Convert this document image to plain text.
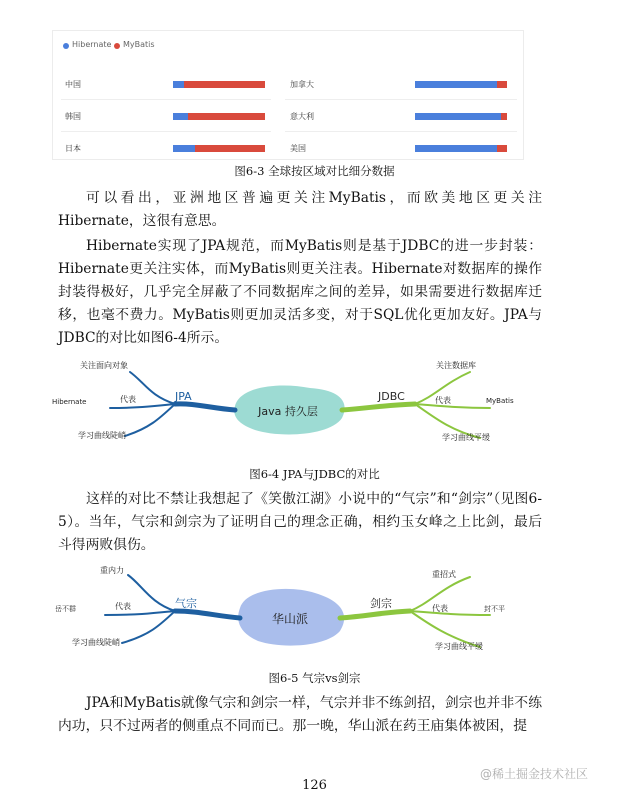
Hibernate MyBatis
中国
韩国
日本
加拿大
意大利
美国
图6-3 全球按区域对比细分数据

可以看出，亚洲地区普遍更关注MyBatis，而欧美地区更关注Hibernate，这很有意思。

Hibernate实现了JPA规范，而MyBatis则是基于JDBC的进一步封装：Hibernate更关注实体，而MyBatis则更关注表。Hibernate对数据库的操作封装得极好，几乎完全屏蔽了不同数据库之间的差异，如果需要进行数据库迁移，也毫不费力。MyBatis则更加灵活多变，对于SQL优化更加友好。JPA与JDBC的对比如图6-4所示。

Java 持久层
JPA	JDBC
关注面向对象
代表
Hibernate
学习曲线陡峭
关注数据库
代表	MyBatis
学习曲线平缓
图6-4 JPA与JDBC的对比

这样的对比不禁让我想起了《笑傲江湖》小说中的“气宗”和“剑宗”（见图6-5）。当年，气宗和剑宗为了证明自己的理念正确，相约玉女峰之上比剑，最后斗得两败俱伤。

华山派
气宗	剑宗
重内力
代表
岳不群
学习曲线陡峭
重招式
代表	封不平
学习曲线平缓
图6-5 气宗vs剑宗

JPA和MyBatis就像气宗和剑宗一样，气宗并非不练剑招，剑宗也并非不练内功，只不过两者的侧重点不同而已。那一晚，华山派在药王庙集体被困，提

@稀土掘金技术社区
126
